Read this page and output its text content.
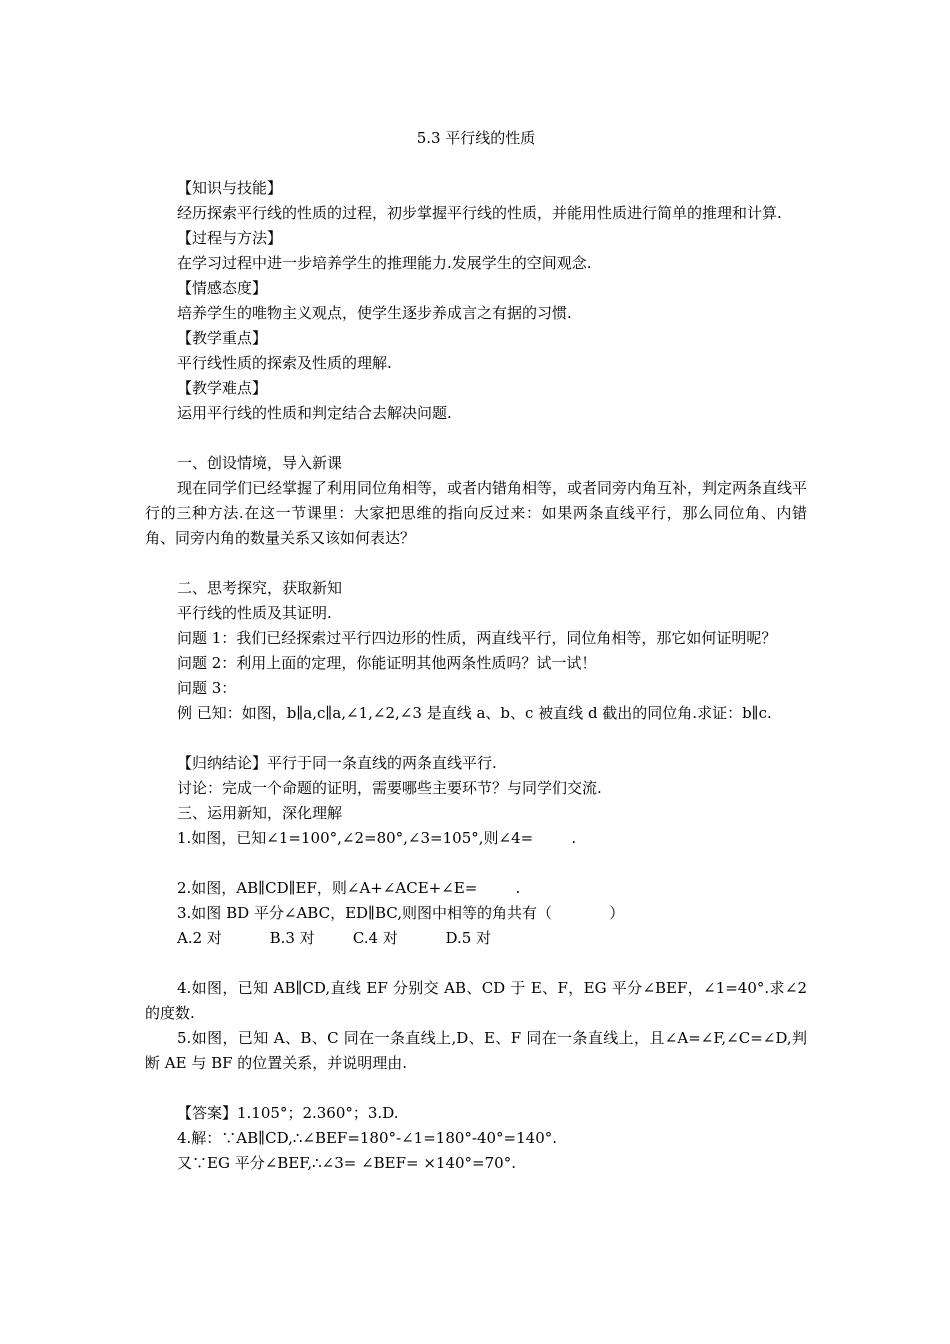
5.3 平行线的性质

【知识与技能】

经历探索平行线的性质的过程，初步掌握平行线的性质，并能用性质进行简单的推理和计算.

【过程与方法】

在学习过程中进一步培养学生的推理能力.发展学生的空间观念.

【情感态度】

培养学生的唯物主义观点，使学生逐步养成言之有据的习惯.

【教学重点】

平行线性质的探索及性质的理解.

【教学难点】

运用平行线的性质和判定结合去解决问题.

一、创设情境，导入新课

现在同学们已经掌握了利用同位角相等，或者内错角相等，或者同旁内角互补，判定两条直线平行的三种方法.在这一节课里：大家把思维的指向反过来：如果两条直线平行，那么同位角、内错角、同旁内角的数量关系又该如何表达？

二、思考探究，获取新知

平行线的性质及其证明.

问题 1：我们已经探索过平行四边形的性质，两直线平行，同位角相等，那它如何证明呢？

问题 2：利用上面的定理，你能证明其他两条性质吗？试一试！

问题 3：

例 已知：如图，b∥a,c∥a,∠1,∠2,∠3 是直线 a、b、c 被直线 d 截出的同位角.求证：b∥c.

【归纳结论】平行于同一条直线的两条直线平行.

讨论：完成一个命题的证明，需要哪些主要环节？与同学们交流.

三、运用新知，深化理解

1.如图，已知∠1=100°,∠2=80°,∠3=105°,则∠4=        .

2.如图，AB∥CD∥EF，则∠A+∠ACE+∠E=        .

3.如图 BD 平分∠ABC，ED∥BC,则图中相等的角共有（            ）

A.2 对          B.3 对        C.4 对          D.5 对

4.如图，已知 AB∥CD,直线 EF 分别交 AB、CD 于 E、F，EG 平分∠BEF，∠1=40°.求∠2 的度数.

5.如图，已知 A、B、C 同在一条直线上,D、E、F 同在一条直线上，且∠A=∠F,∠C=∠D,判断 AE 与 BF 的位置关系，并说明理由.

【答案】1.105°；2.360°；3.D.

4.解：∵AB∥CD,∴∠BEF=180°-∠1=180°-40°=140°.

又∵EG 平分∠BEF,∴∠3= ∠BEF= ×140°=70°.
